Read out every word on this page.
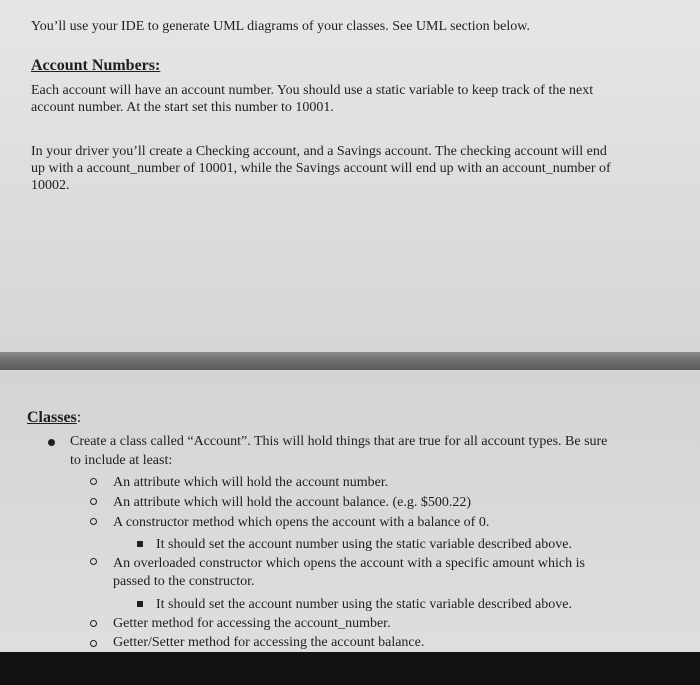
You’ll use your IDE to generate UML diagrams of your classes. See UML section below.
Account Numbers:
Each account will have an account number. You should use a static variable to keep track of the next
account number. At the start set this number to 10001.
In your driver you’ll create a Checking account, and a Savings account. The checking account will end
up with a account_number of 10001, while the Savings account will end up with an account_number of
10002.
Classes:
Create a class called “Account”. This will hold things that are true for all account types. Be sure
to include at least:
An attribute which will hold the account number.
An attribute which will hold the account balance. (e.g. $500.22)
A constructor method which opens the account with a balance of 0.
It should set the account number using the static variable described above.
An overloaded constructor which opens the account with a specific amount which is
passed to the constructor.
It should set the account number using the static variable described above.
Getter method for accessing the account_number.
Getter/Setter method for accessing the account balance.
